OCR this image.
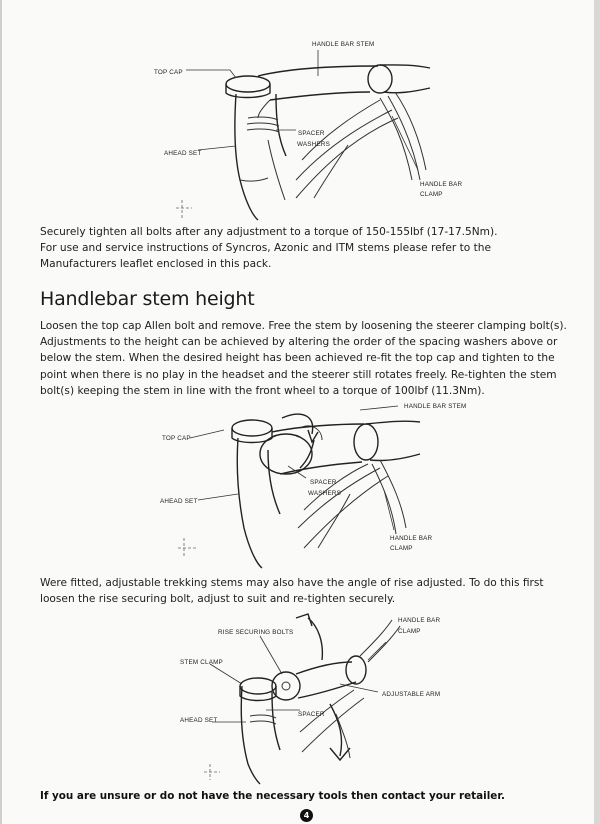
HANDLE BAR STEM
TOP CAP
SPACER
WASHERS
AHEAD SET
HANDLE BAR
CLAMP
Securely tighten all bolts after any adjustment to a torque of 150-155lbf (17-17.5Nm).
For use and service instructions of Syncros, Azonic and ITM stems please refer to the Manufacturers leaflet enclosed in this pack.
Handlebar stem height
Loosen the top cap Allen bolt and remove. Free the stem by loosening the steerer clamping bolt(s). Adjustments to the height can be achieved by altering the order of the spacing washers above or below the stem. When the desired height has been achieved re-fit the top cap and tighten to the point when there is no play in the headset and the steerer still rotates freely. Re-tighten the stem bolt(s) keeping the stem in line with the front wheel to a torque of 100lbf (11.3Nm).
HANDLE BAR STEM
TOP CAP
SPACER
WASHERS
AHEAD SET
HANDLE BAR
CLAMP
Were fitted, adjustable trekking stems may also have the angle of rise adjusted. To do this first loosen the rise securing bolt, adjust to suit and re-tighten securely.
RISE SECURING BOLTS
HANDLE BAR
CLAMP
STEM CLAMP
ADJUSTABLE ARM
SPACER
AHEAD SET
If you are unsure or do not have the necessary tools then contact your retailer.
4
